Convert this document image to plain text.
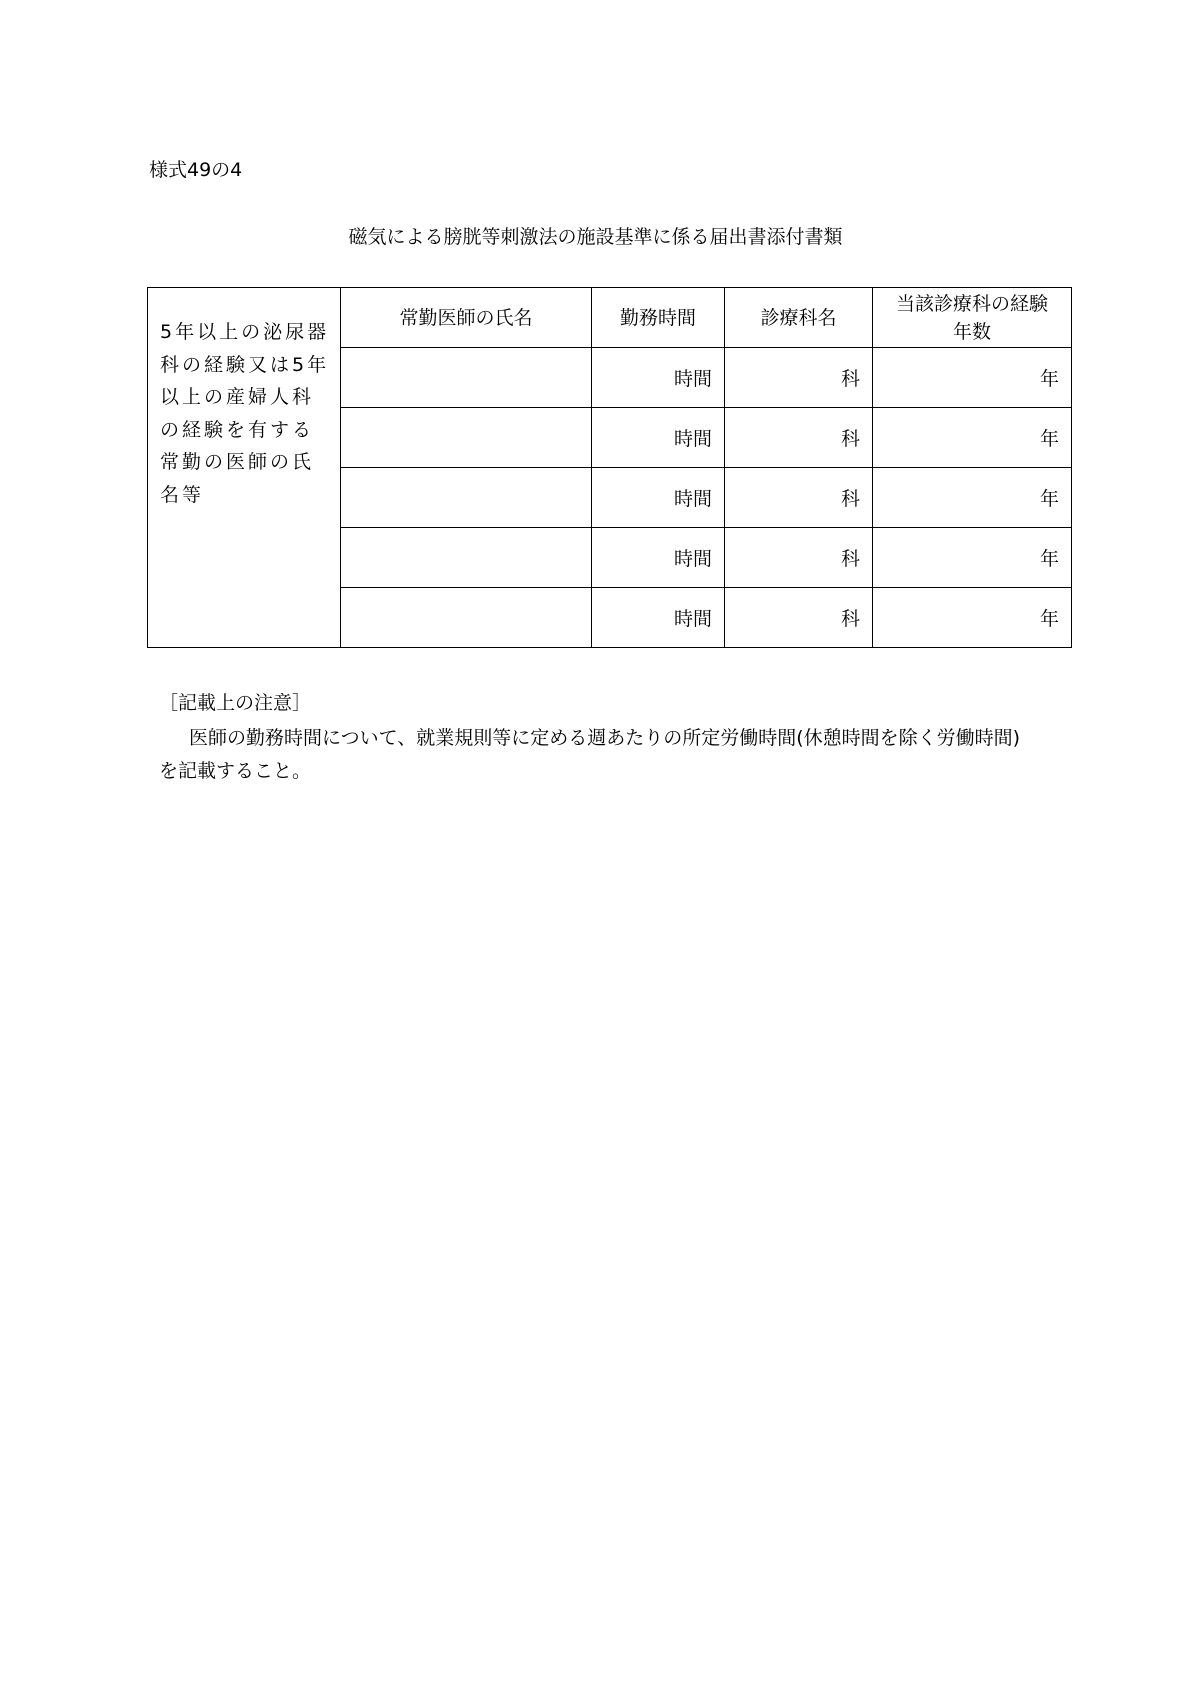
様式49の4
磁気による膀胱等刺激法の施設基準に係る届出書添付書類
5年以上の泌尿器科の経験又は5年以上の産婦人科の経験を有する常勤の医師の氏名等	常勤医師の氏名	勤務時間	診療科名	当該診療科の経験年数
		時間	科	年
		時間	科	年
		時間	科	年
		時間	科	年
		時間	科	年
［記載上の注意］
医師の勤務時間について、就業規則等に定める週あたりの所定労働時間(休憩時間を除く労働時間)を記載すること。
